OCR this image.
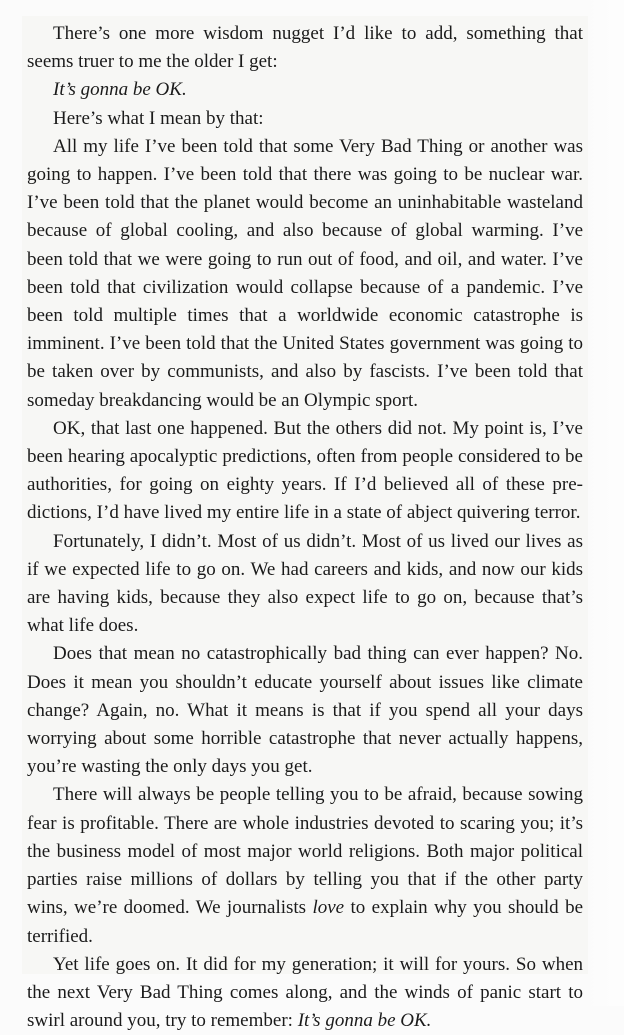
There’s one more wisdom nugget I’d like to add, something that seems truer to me the older I get:

It’s gonna be OK.

Here’s what I mean by that:

All my life I’ve been told that some Very Bad Thing or another was going to happen. I’ve been told that there was going to be nuclear war. I’ve been told that the planet would become an uninhabitable wasteland because of global cooling, and also because of global warming. I’ve been told that we were going to run out of food, and oil, and water. I’ve been told that civilization would collapse because of a pandemic. I’ve been told multiple times that a worldwide economic catastrophe is imminent. I’ve been told that the United States government was going to be taken over by communists, and also by fascists. I’ve been told that someday breakdancing would be an Olympic sport.

OK, that last one happened. But the others did not. My point is, I’ve been hearing apocalyptic predictions, often from people considered to be authorities, for going on eighty years. If I’d believed all of these predictions, I’d have lived my entire life in a state of abject quivering terror.

Fortunately, I didn’t. Most of us didn’t. Most of us lived our lives as if we expected life to go on. We had careers and kids, and now our kids are having kids, because they also expect life to go on, because that’s what life does.

Does that mean no catastrophically bad thing can ever happen? No. Does it mean you shouldn’t educate yourself about issues like climate change? Again, no. What it means is that if you spend all your days worrying about some horrible catastrophe that never actually happens, you’re wasting the only days you get.

There will always be people telling you to be afraid, because sowing fear is profitable. There are whole industries devoted to scaring you; it’s the business model of most major world religions. Both major political parties raise millions of dollars by telling you that if the other party wins, we’re doomed. We journalists love to explain why you should be terrified.

Yet life goes on. It did for my generation; it will for yours. So when the next Very Bad Thing comes along, and the winds of panic start to swirl around you, try to remember: It’s gonna be OK.
